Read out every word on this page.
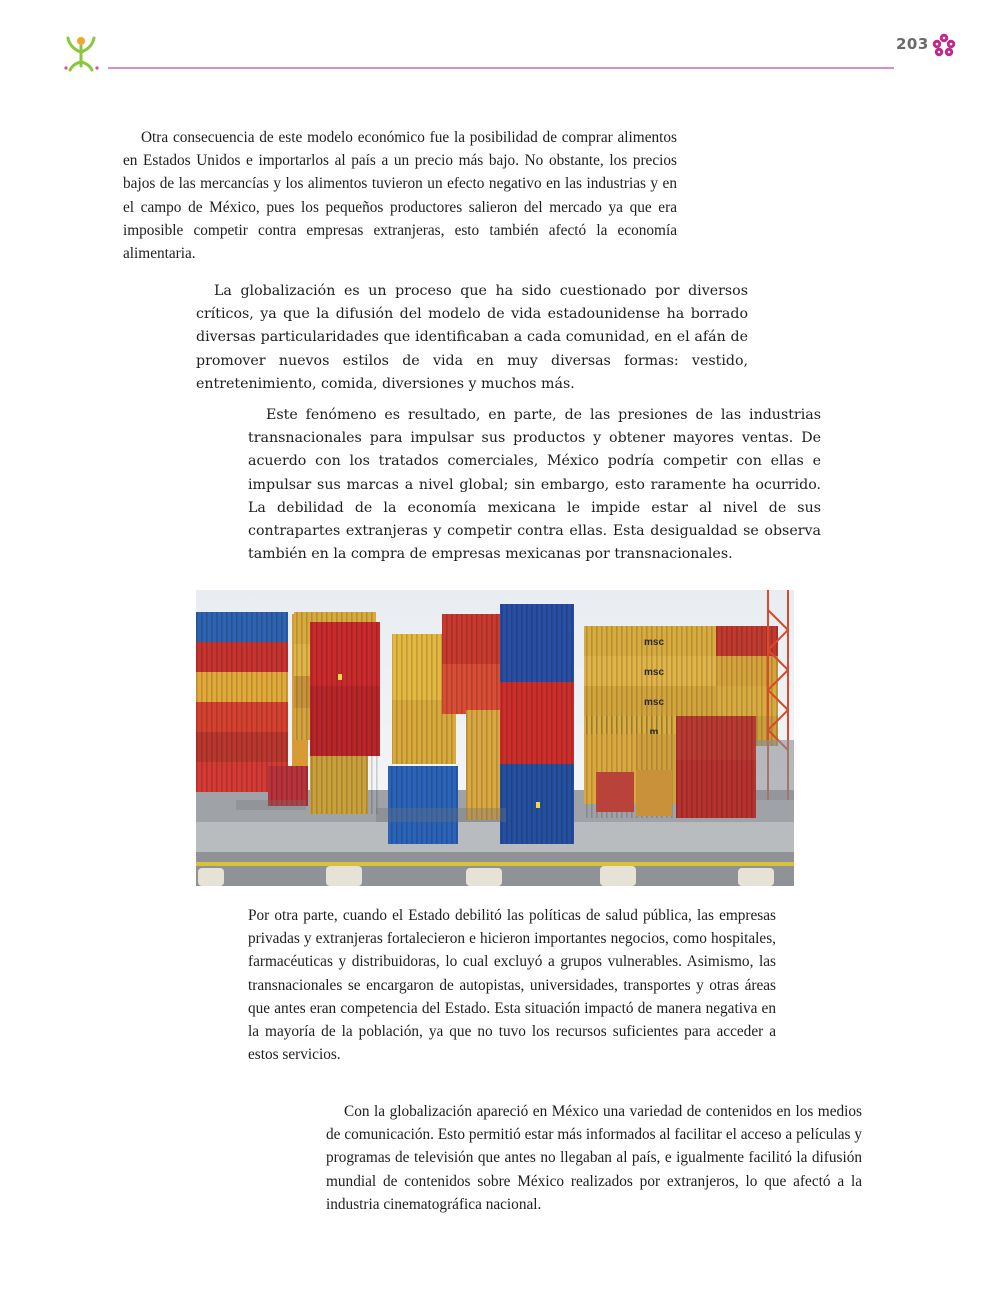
203

Otra consecuencia de este modelo económico fue la posibilidad de comprar alimentos en Estados Unidos e importarlos al país a un precio más bajo. No obstante, los precios bajos de las mercancías y los alimentos tuvieron un efecto negativo en las industrias y en el campo de México, pues los pequeños productores salieron del mercado ya que era imposible competir contra empresas extranjeras, esto también afectó la economía alimentaria.

La globalización es un proceso que ha sido cuestionado por diversos críticos, ya que la difusión del modelo de vida estadounidense ha borrado diversas particularidades que identificaban a cada comunidad, en el afán de promover nuevos estilos de vida en muy diversas formas: vestido, entretenimiento, comida, diversiones y muchos más.

Este fenómeno es resultado, en parte, de las presiones de las industrias transnacionales para impulsar sus productos y obtener mayores ventas. De acuerdo con los tratados comerciales, México podría competir con ellas e impulsar sus marcas a nivel global; sin embargo, esto raramente ha ocurrido. La debilidad de la economía mexicana le impide estar al nivel de sus contrapartes extranjeras y competir contra ellas. Esta desigualdad se observa también en la compra de empresas mexicanas por transnacionales.

msc
msc
msc

Por otra parte, cuando el Estado debilitó las políticas de salud pública, las empresas privadas y extranjeras fortalecieron e hicieron importantes negocios, como hospitales, farmacéuticas y distribuidoras, lo cual excluyó a grupos vulnerables. Asimismo, las transnacionales se encargaron de autopistas, universidades, transportes y otras áreas que antes eran competencia del Estado. Esta situación impactó de manera negativa en la mayoría de la población, ya que no tuvo los recursos suficientes para acceder a estos servicios.

Con la globalización apareció en México una variedad de contenidos en los medios de comunicación. Esto permitió estar más informados al facilitar el acceso a películas y programas de televisión que antes no llegaban al país, e igualmente facilitó la difusión mundial de contenidos sobre México realizados por extranjeros, lo que afectó a la industria cinematográfica nacional.
